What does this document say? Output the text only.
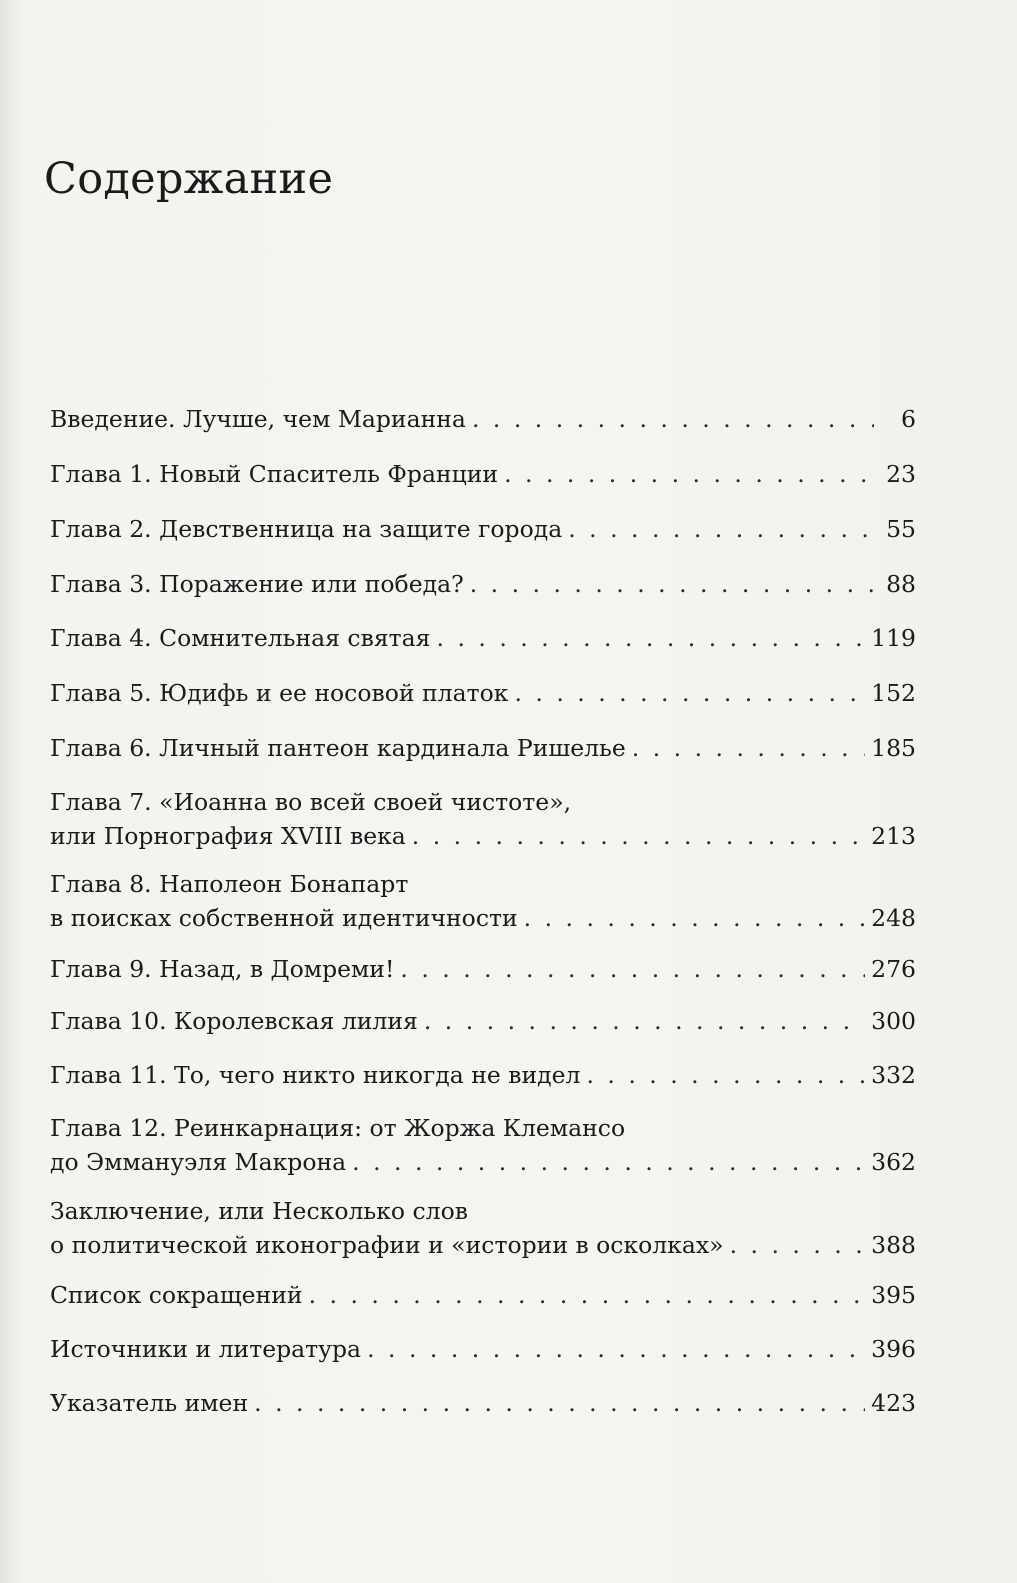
Содержание
Введение. Лучше, чем Марианна . . .	6
Глава 1. Новый Спаситель Франции . . .	23
Глава 2. Девственница на защите города . . .	55
Глава 3. Поражение или победа? . . .	88
Глава 4. Сомнительная святая . . .	119
Глава 5. Юдифь и ее носовой платок . . .	152
Глава 6. Личный пантеон кардинала Ришелье . . .	185
Глава 7. «Иоанна во всей своей чистоте»,
или Порнография XVIII века . . .	213
Глава 8. Наполеон Бонапарт
в поисках собственной идентичности . . .	248
Глава 9. Назад, в Домреми! . . .	276
Глава 10. Королевская лилия . . .	300
Глава 11. То, чего никто никогда не видел . . .	332
Глава 12. Реинкарнация: от Жоржа Клемансо
до Эммануэля Макрона . . .	362
Заключение, или Несколько слов
о политической иконографии и «истории в осколках» . . .	388
Список сокращений . . .	395
Источники и литература . . .	396
Указатель имен . . .	423
